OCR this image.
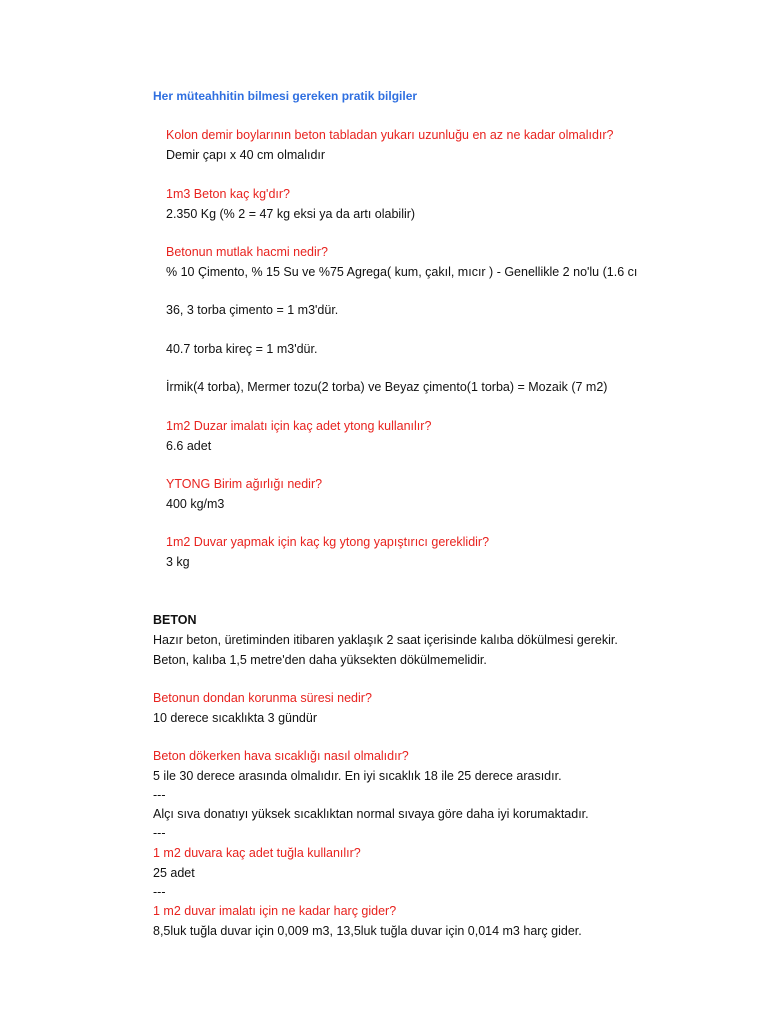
Her müteahhitin bilmesi gereken pratik bilgiler
Kolon demir boylarının beton tabladan yukarı uzunluğu en az ne kadar olmalıdır?
Demir çapı x 40 cm olmalıdır
1m3 Beton kaç kg'dır?
2.350 Kg (% 2 = 47 kg eksi ya da artı olabilir)
Betonun mutlak hacmi nedir?
% 10 Çimento, % 15 Su ve %75 Agrega( kum, çakıl, mıcır ) - Genellikle 2 no'lu (1.6 cı
36, 3 torba çimento = 1 m3'dür.
40.7 torba kireç = 1 m3'dür.
İrmik(4 torba), Mermer tozu(2 torba) ve Beyaz çimento(1 torba) = Mozaik (7 m2)
1m2 Duzar imalatı için kaç adet ytong kullanılır?
6.6 adet
YTONG Birim ağırlığı nedir?
400 kg/m3
1m2 Duvar yapmak için kaç kg ytong yapıştırıcı gereklidir?
3 kg
BETON
Hazır beton, üretiminden itibaren yaklaşık 2 saat içerisinde kalıba dökülmesi gerekir.
Beton, kalıba 1,5 metre'den daha yüksekten dökülmemelidir.
Betonun dondan korunma süresi nedir?
10 derece sıcaklıkta 3 gündür
Beton dökerken hava sıcaklığı nasıl olmalıdır?
5 ile 30 derece arasında olmalıdır. En iyi sıcaklık 18 ile 25 derece arasıdır.
---
Alçı sıva donatıyı yüksek sıcaklıktan normal sıvaya göre daha iyi korumaktadır.
---
1 m2 duvara kaç adet tuğla kullanılır?
25 adet
---
1 m2 duvar imalatı için ne kadar harç gider?
8,5luk tuğla duvar için 0,009 m3, 13,5luk tuğla duvar için 0,014 m3 harç gider.
